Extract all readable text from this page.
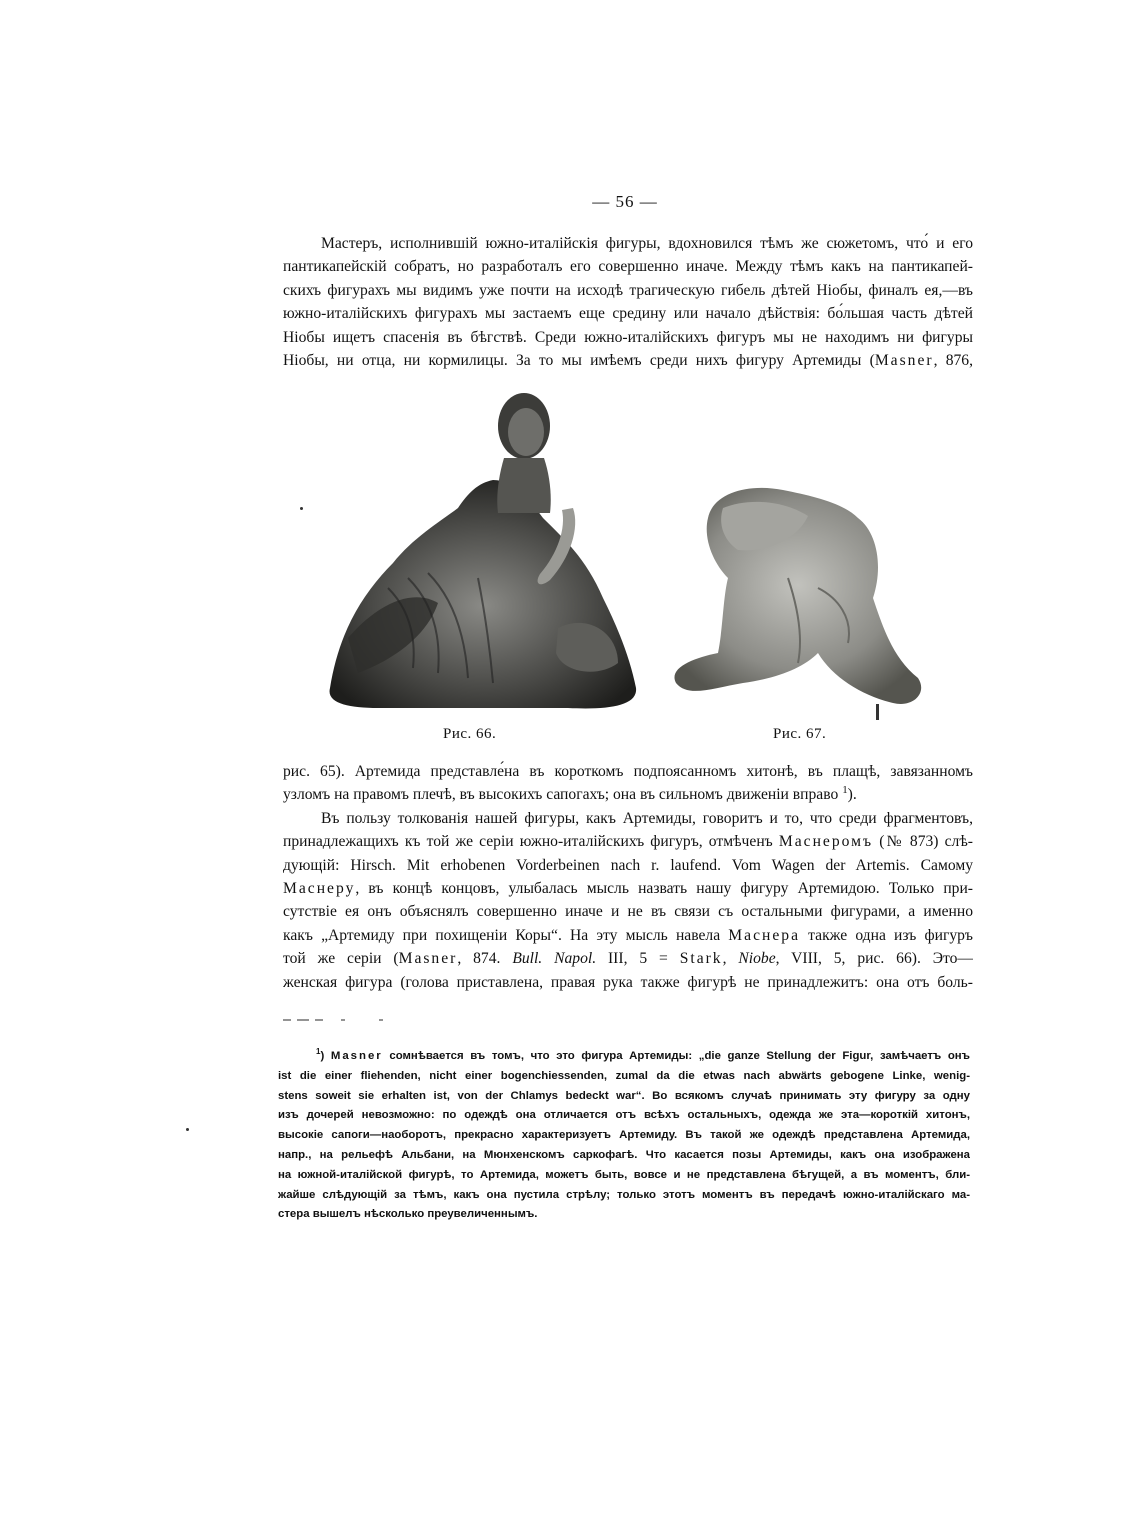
— 56 —
Мастеръ, исполнившій южно-италійскія фигуры, вдохновился тѣмъ же сюжетомъ, что́ и его
пантикапейскій собратъ, но разработалъ его совершенно иначе. Между тѣмъ какъ на пантикапей-
скихъ фигурахъ мы видимъ уже почти на исходѣ трагическую гибель дѣтей Ніобы, финалъ ея,—въ
южно-италійскихъ фигурахъ мы застаемъ еще средину или начало дѣйствія: бо́льшая часть дѣтей
Ніобы ищетъ спасенія въ бѣгствѣ. Среди южно-италійскихъ фигуръ мы не находимъ ни фигуры
Ніобы, ни отца, ни кормилицы. За то мы имѣемъ среди нихъ фигуру Артемиды (Masner, 876,
Рис. 66.	Рис. 67.
рис. 65). Артемида представле́на въ короткомъ подпоясанномъ хитонѣ, въ плащѣ, завязанномъ
узломъ на правомъ плечѣ, въ высокихъ сапогахъ; она въ сильномъ движеніи вправо $^1$).
Въ пользу толкованія нашей фигуры, какъ Артемиды, говоритъ и то, что среди фрагментовъ,
принадлежащихъ къ той же серіи южно-италійскихъ фигуръ, отмѣченъ Маснеромъ (№ 873) слѣ-
дующій: Hirsch. Mit erhobenen Vorderbeinen nach r. laufend. Vom Wagen der Artemis. Самому
Маснеру, въ концѣ концовъ, улыбалась мысль назвать нашу фигуру Артемидою. Только при-
сутствіе ея онъ объяснялъ совершенно иначе и не въ связи съ остальными фигурами, а именно
какъ „Артемиду при похищеніи Коры“. На эту мысль навела Маснера также одна изъ фигуръ
той же серіи (Masner, 874. Bull. Napol. III, 5 = Stark, Niobe, VIII, 5, рис. 66). Это—
женская фигура (голова приставлена, правая рука также фигурѣ не принадлежитъ: она отъ боль-
$^1$) Masner сомнѣвается въ томъ, что это фигура Артемиды: „die ganze Stellung der Figur, замѣчаетъ онъ
ist die einer fliehenden, nicht einer bogenchiessenden, zumal da die etwas nach abwärts gebogene Linke, wenig-
stens soweit sie erhalten ist, von der Chlamys bedeckt war“. Во всякомъ случаѣ принимать эту фигуру за одну
изъ дочерей невозможно: по одеждѣ она отличается отъ всѣхъ остальныхъ, одежда же эта—короткій хитонъ,
высокіе сапоги—наоборотъ, прекрасно характеризуетъ Артемиду. Въ такой же одеждѣ представлена Артемида,
напр., на рельефѣ Альбани, на Мюнхенскомъ саркофагѣ. Что касается позы Артемиды, какъ она изображена
на южной-италійской фигурѣ, то Артемида, можетъ быть, вовсе и не представлена бѣгущей, а въ моментъ, бли-
жайше слѣдующій за тѣмъ, какъ она пустила стрѣлу; только этотъ моментъ въ передачѣ южно-италійскаго ма-
стера вышелъ нѣсколько преувеличеннымъ.
